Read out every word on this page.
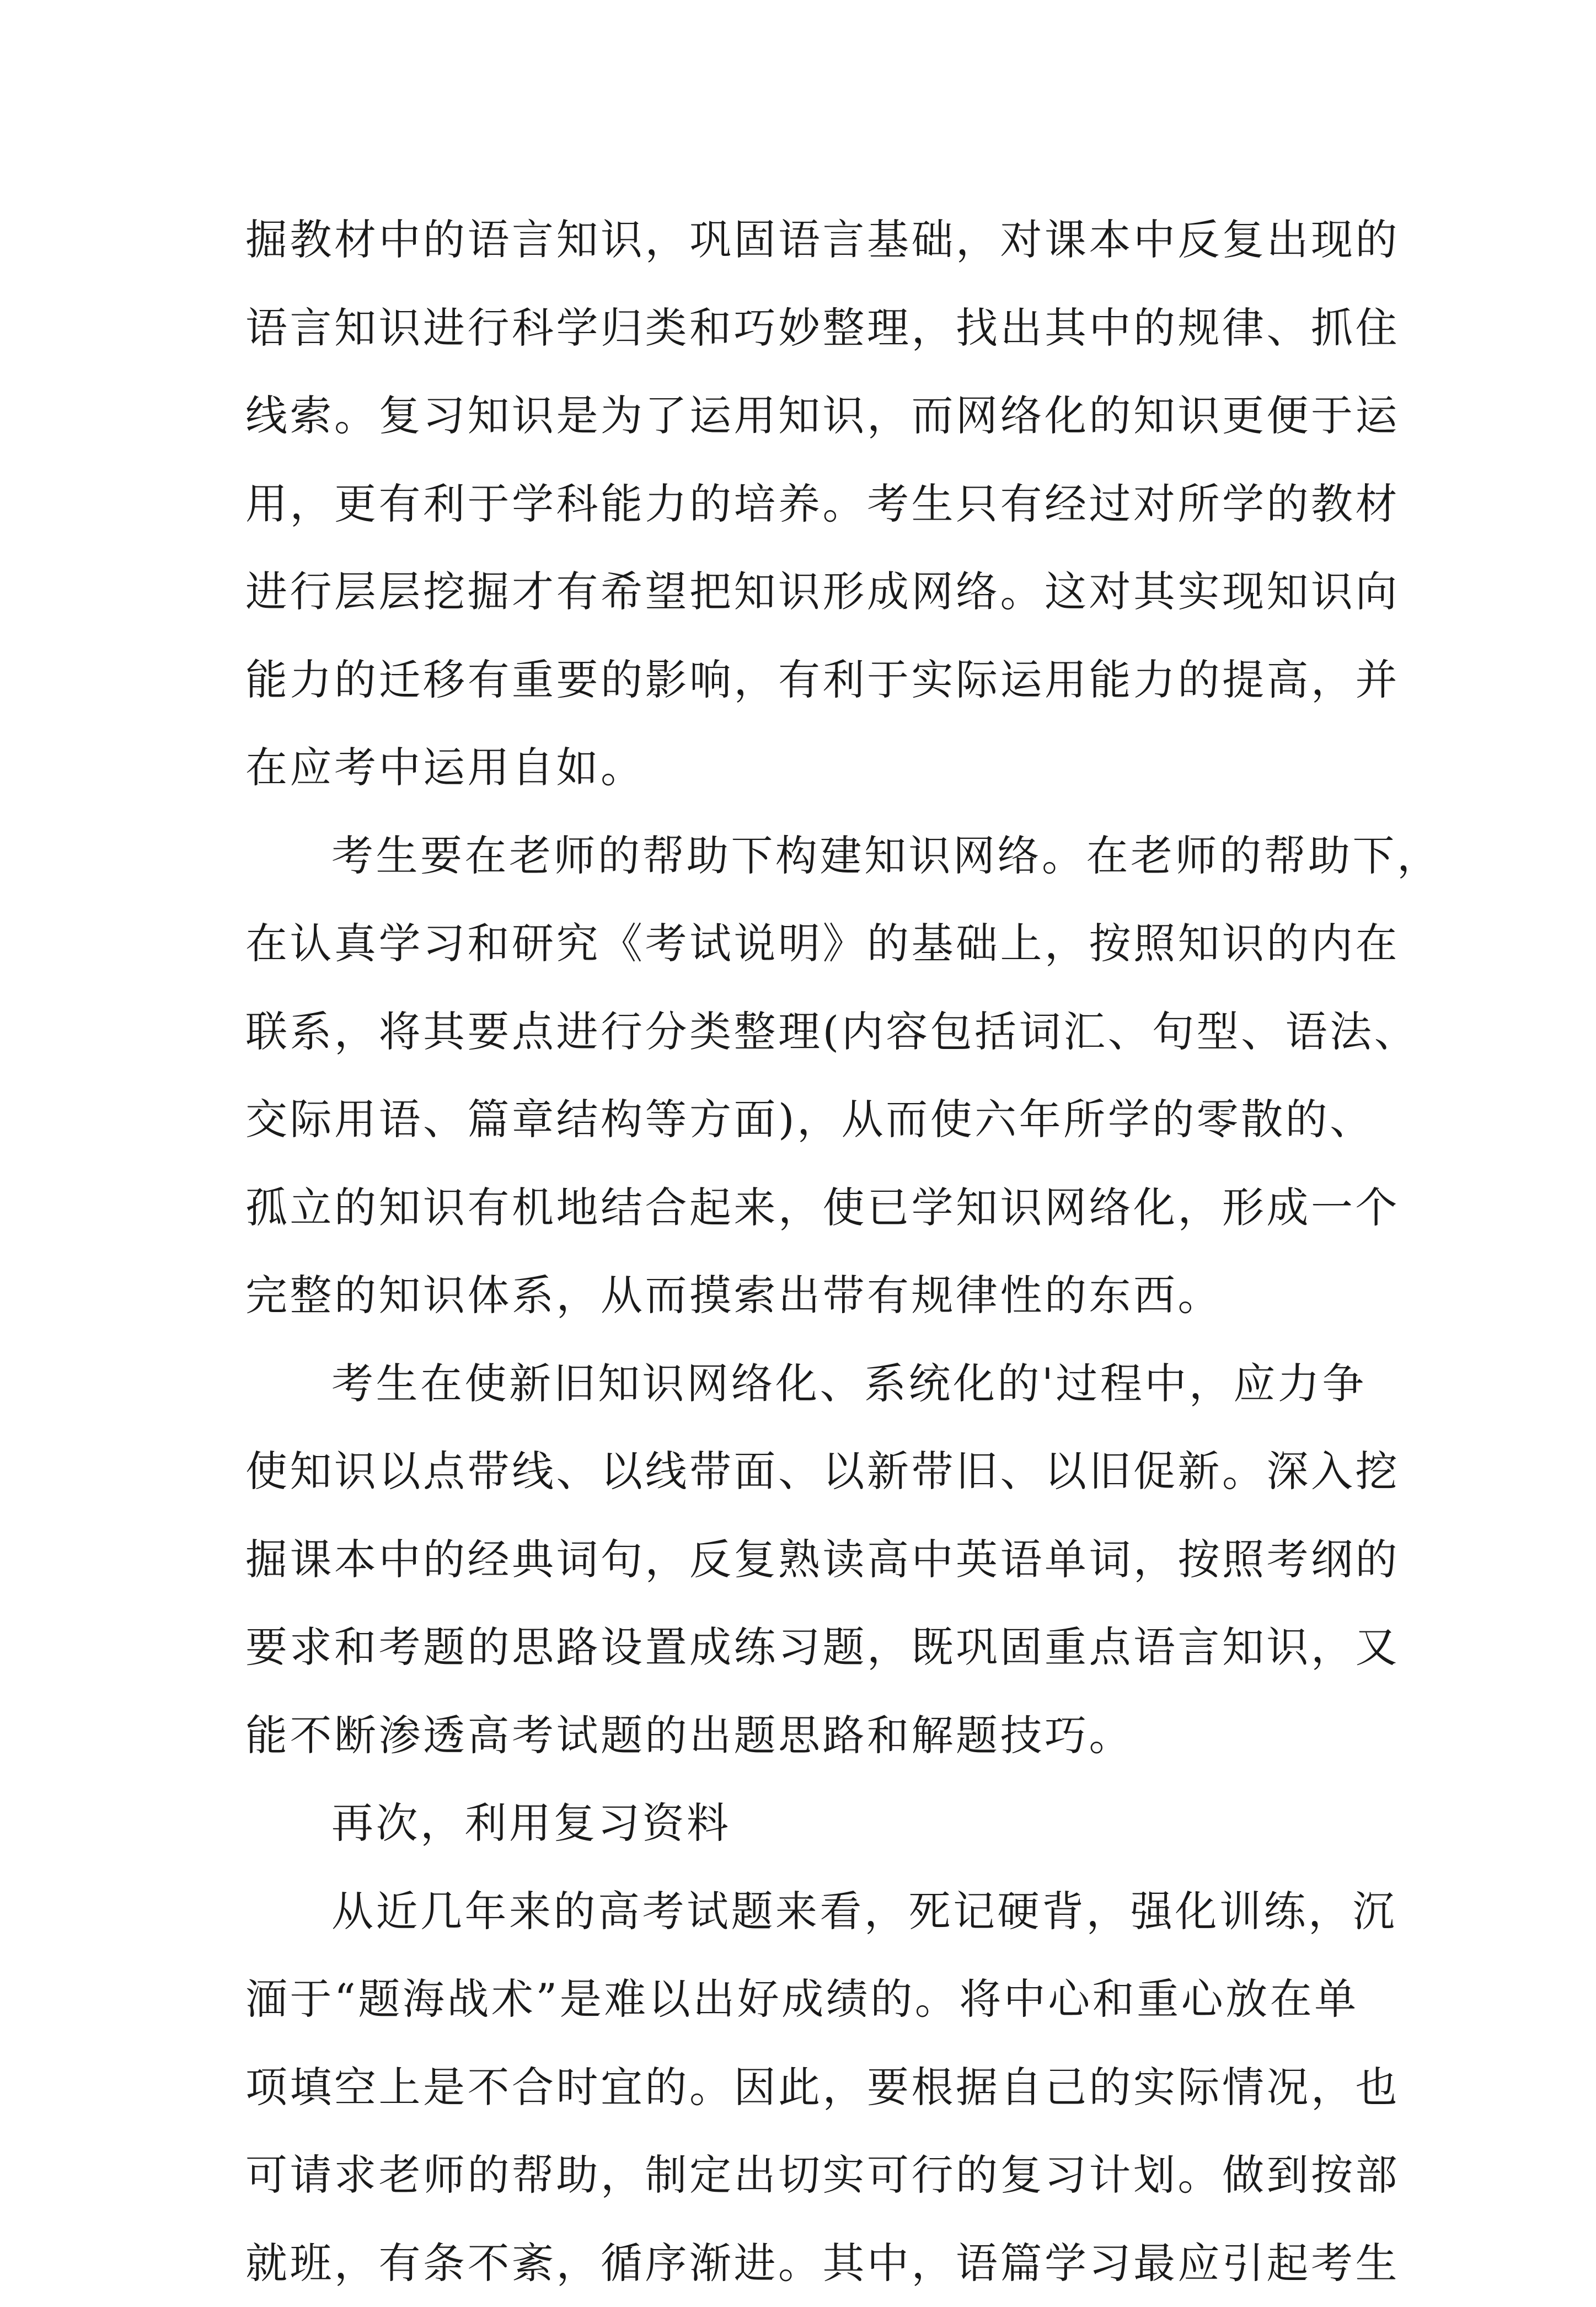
掘教材中的语言知识，巩固语言基础，对课本中反复出现的
语言知识进行科学归类和巧妙整理，找出其中的规律、抓住
线索。复习知识是为了运用知识，而网络化的知识更便于运
用，更有利于学科能力的培养。考生只有经过对所学的教材
进行层层挖掘才有希望把知识形成网络。这对其实现知识向
能力的迁移有重要的影响，有利于实际运用能力的提高，并
在应考中运用自如。
考生要在老师的帮助下构建知识网络。在老师的帮助下，
在认真学习和研究《考试说明》的基础上，按照知识的内在
联系，将其要点进行分类整理(内容包括词汇、句型、语法、
交际用语、篇章结构等方面)，从而使六年所学的零散的、
孤立的知识有机地结合起来，使已学知识网络化，形成一个
完整的知识体系，从而摸索出带有规律性的东西。
考生在使新旧知识网络化、系统化的'过程中，应力争
使知识以点带线、以线带面、以新带旧、以旧促新。深入挖
掘课本中的经典词句，反复熟读高中英语单词，按照考纲的
要求和考题的思路设置成练习题，既巩固重点语言知识，又
能不断渗透高考试题的出题思路和解题技巧。
再次，利用复习资料
从近几年来的高考试题来看，死记硬背，强化训练，沉
湎于“题海战术”是难以出好成绩的。将中心和重心放在单
项填空上是不合时宜的。因此，要根据自己的实际情况，也
可请求老师的帮助，制定出切实可行的复习计划。做到按部
就班，有条不紊，循序渐进。其中，语篇学习最应引起考生
